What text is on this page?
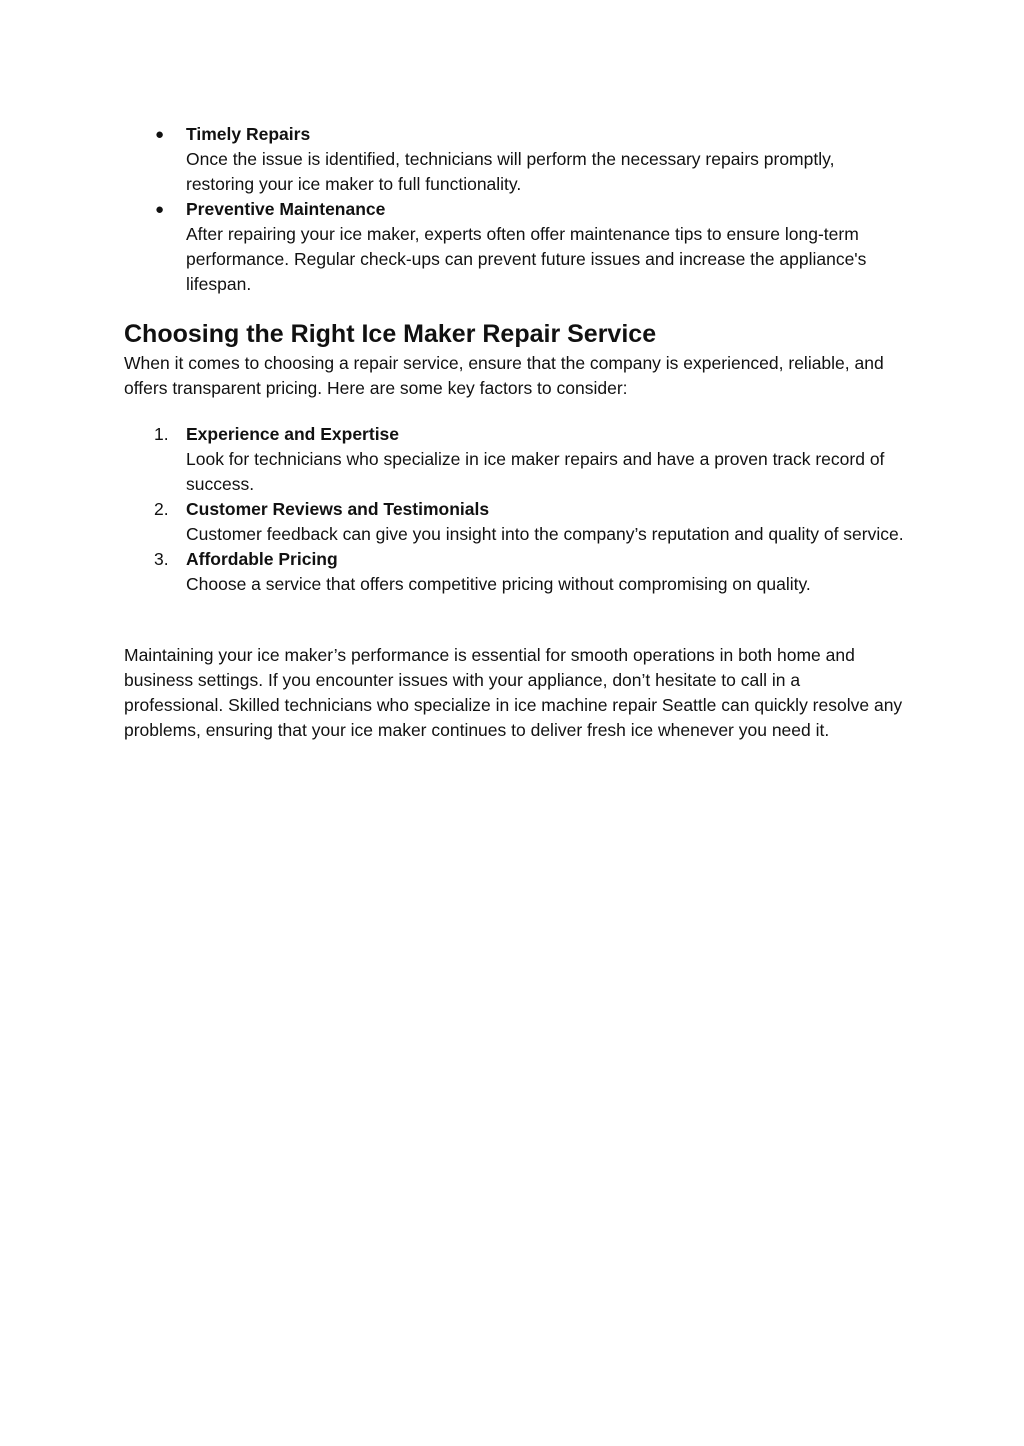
●	Timely Repairs
Once the issue is identified, technicians will perform the necessary repairs promptly, restoring your ice maker to full functionality.
●	Preventive Maintenance
After repairing your ice maker, experts often offer maintenance tips to ensure long-term performance. Regular check-ups can prevent future issues and increase the appliance's lifespan.
Choosing the Right Ice Maker Repair Service

When it comes to choosing a repair service, ensure that the company is experienced, reliable, and offers transparent pricing. Here are some key factors to consider:

1. Experience and Expertise
Look for technicians who specialize in ice maker repairs and have a proven track record of success.
2. Customer Reviews and Testimonials
Customer feedback can give you insight into the company’s reputation and quality of service.
3. Affordable Pricing
Choose a service that offers competitive pricing without compromising on quality.

Maintaining your ice maker’s performance is essential for smooth operations in both home and business settings. If you encounter issues with your appliance, don’t hesitate to call in a professional. Skilled technicians who specialize in ice machine repair Seattle can quickly resolve any problems, ensuring that your ice maker continues to deliver fresh ice whenever you need it.
